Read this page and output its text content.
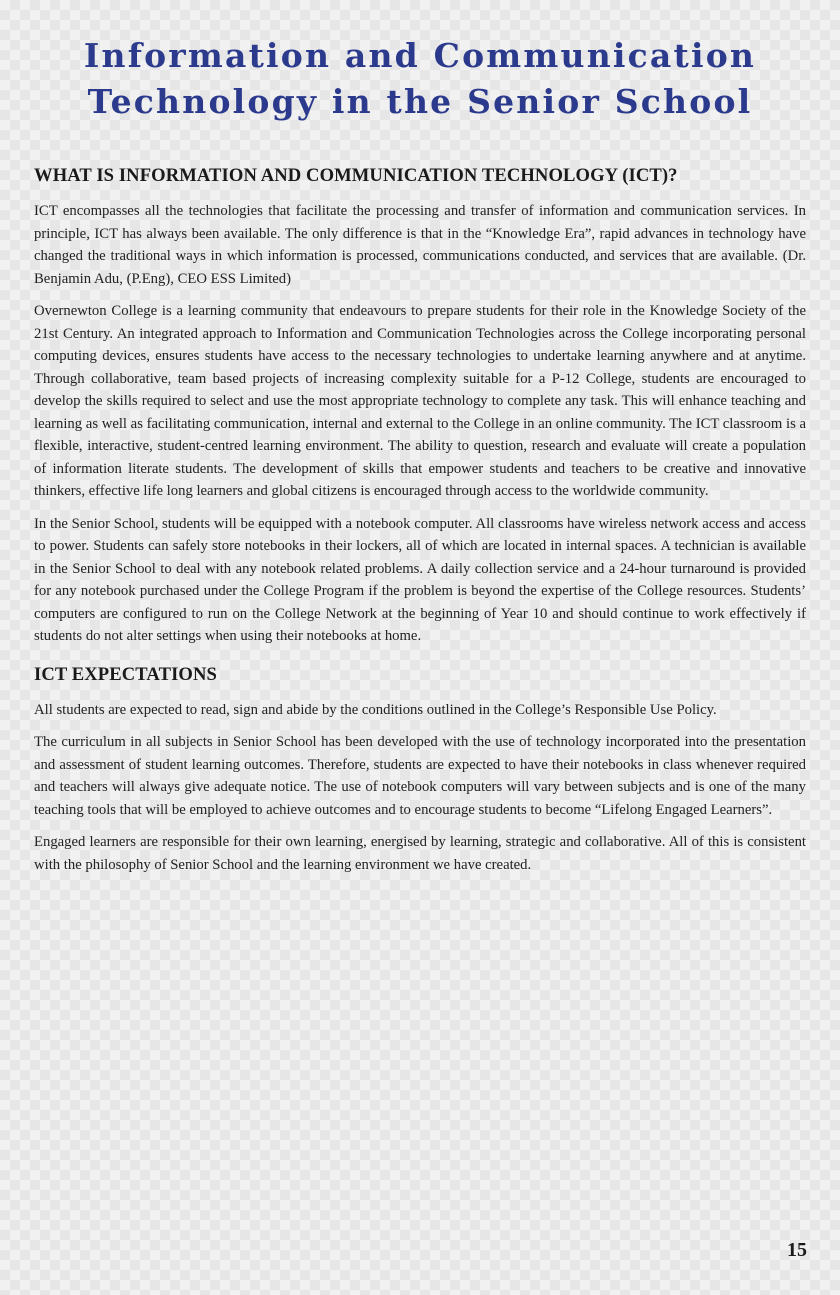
Information and Communication
Technology in the Senior School
WHAT IS INFORMATION AND COMMUNICATION TECHNOLOGY (ICT)?

ICT encompasses all the technologies that facilitate the processing and transfer of information and communication services. In principle, ICT has always been available. The only difference is that in the “Knowledge Era”, rapid advances in technology have changed the traditional ways in which information is processed, communications conducted, and services that are available. (Dr. Benjamin Adu, (P.Eng), CEO ESS Limited)

Overnewton College is a learning community that endeavours to prepare students for their role in the Knowledge Society of the 21st Century. An integrated approach to Information and Communication Technologies across the College incorporating personal computing devices, ensures students have access to the necessary technologies to undertake learning anywhere and at anytime. Through collaborative, team based projects of increasing complexity suitable for a P-12 College, students are encouraged to develop the skills required to select and use the most appropriate technology to complete any task. This will enhance teaching and learning as well as facilitating communication, internal and external to the College in an online community. The ICT classroom is a flexible, interactive, student-centred learning environment. The ability to question, research and evaluate will create a population of information literate students. The development of skills that empower students and teachers to be creative and innovative thinkers, effective life long learners and global citizens is encouraged through access to the worldwide community.

In the Senior School, students will be equipped with a notebook computer. All classrooms have wireless network access and access to power. Students can safely store notebooks in their lockers, all of which are located in internal spaces. A technician is available in the Senior School to deal with any notebook related problems. A daily collection service and a 24-hour turnaround is provided for any notebook purchased under the College Program if the problem is beyond the expertise of the College resources. Students’ computers are configured to run on the College Network at the beginning of Year 10 and should continue to work effectively if students do not alter settings when using their notebooks at home.

ICT EXPECTATIONS

All students are expected to read, sign and abide by the conditions outlined in the College’s Responsible Use Policy.

The curriculum in all subjects in Senior School has been developed with the use of technology incorporated into the presentation and assessment of student learning outcomes. Therefore, students are expected to have their notebooks in class whenever required and teachers will always give adequate notice. The use of notebook computers will vary between subjects and is one of the many teaching tools that will be employed to achieve outcomes and to encourage students to become “Lifelong Engaged Learners”.

Engaged learners are responsible for their own learning, energised by learning, strategic and collaborative. All of this is consistent with the philosophy of Senior School and the learning environment we have created.

15
